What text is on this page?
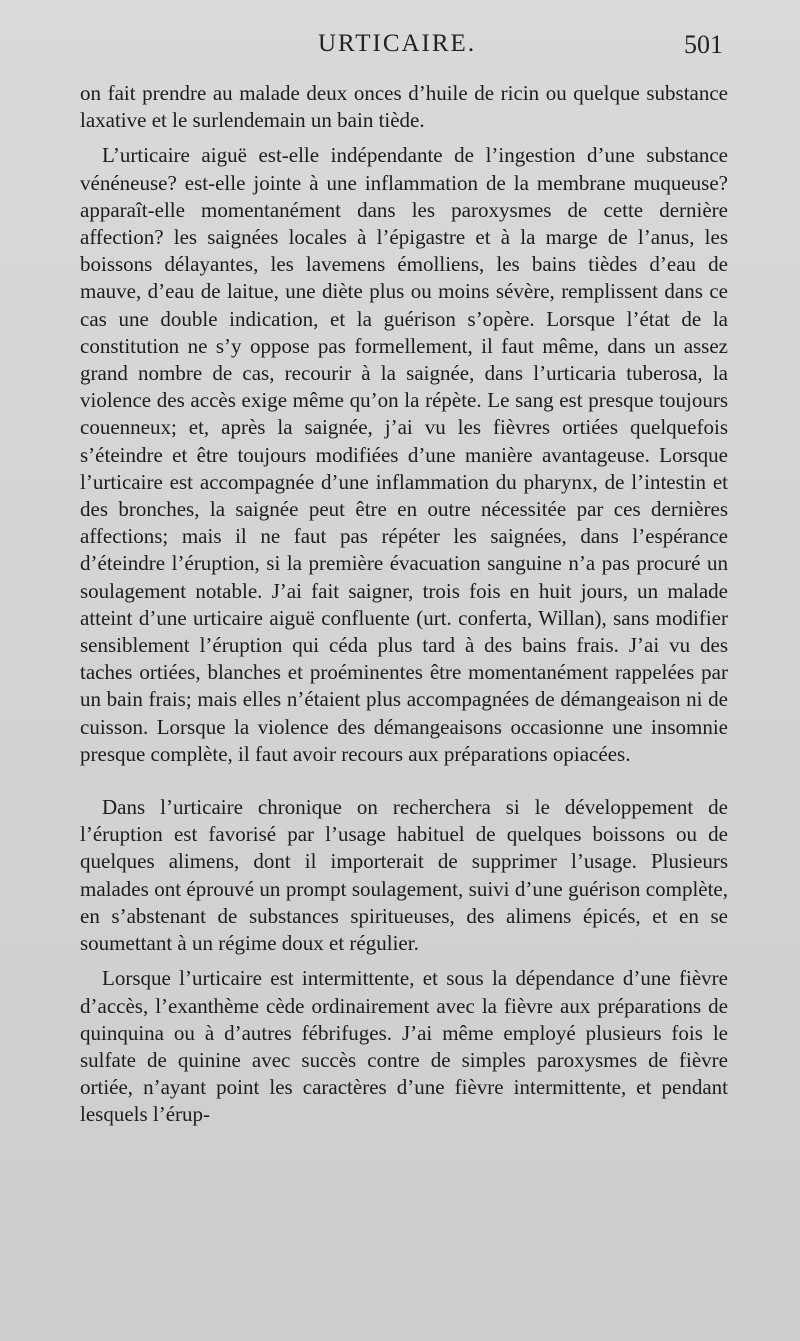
URTICAIRE.	501

on fait prendre au malade deux onces d’huile de ricin ou quelque substance laxative et le surlendemain un bain tiède.

L’urticaire aiguë est-elle indépendante de l’ingestion d’une substance vénéneuse? est-elle jointe à une inflammation de la membrane muqueuse? apparaît-elle momentanément dans les paroxysmes de cette dernière affection? les saignées locales à l’épigastre et à la marge de l’anus, les boissons délayantes, les lavemens émolliens, les bains tièdes d’eau de mauve, d’eau de laitue, une diète plus ou moins sévère, remplissent dans ce cas une double indication, et la guérison s’opère. Lorsque l’état de la constitution ne s’y oppose pas formellement, il faut même, dans un assez grand nombre de cas, recourir à la saignée, dans l’urticaria tuberosa, la violence des accès exige même qu’on la répète. Le sang est presque toujours couenneux; et, après la saignée, j’ai vu les fièvres ortiées quelquefois s’éteindre et être toujours modifiées d’une manière avantageuse. Lorsque l’urticaire est accompagnée d’une inflammation du pharynx, de l’intestin et des bronches, la saignée peut être en outre nécessitée par ces dernières affections; mais il ne faut pas répéter les saignées, dans l’espérance d’éteindre l’éruption, si la première évacuation sanguine n’a pas procuré un soulagement notable. J’ai fait saigner, trois fois en huit jours, un malade atteint d’une urticaire aiguë confluente (urt. conferta, Willan), sans modifier sensiblement l’éruption qui céda plus tard à des bains frais. J’ai vu des taches ortiées, blanches et proéminentes être momentanément rappelées par un bain frais; mais elles n’étaient plus accompagnées de démangeaison ni de cuisson. Lorsque la violence des démangeaisons occasionne une insomnie presque complète, il faut avoir recours aux préparations opiacées.

Dans l’urticaire chronique on recherchera si le développement de l’éruption est favorisé par l’usage habituel de quelques boissons ou de quelques alimens, dont il importerait de supprimer l’usage. Plusieurs malades ont éprouvé un prompt soulagement, suivi d’une guérison complète, en s’abstenant de substances spiritueuses, des alimens épicés, et en se soumettant à un régime doux et régulier.

Lorsque l’urticaire est intermittente, et sous la dépendance d’une fièvre d’accès, l’exanthème cède ordinairement avec la fièvre aux préparations de quinquina ou à d’autres fébrifuges. J’ai même employé plusieurs fois le sulfate de quinine avec succès contre de simples paroxysmes de fièvre ortiée, n’ayant point les caractères d’une fièvre intermittente, et pendant lesquels l’érup-
